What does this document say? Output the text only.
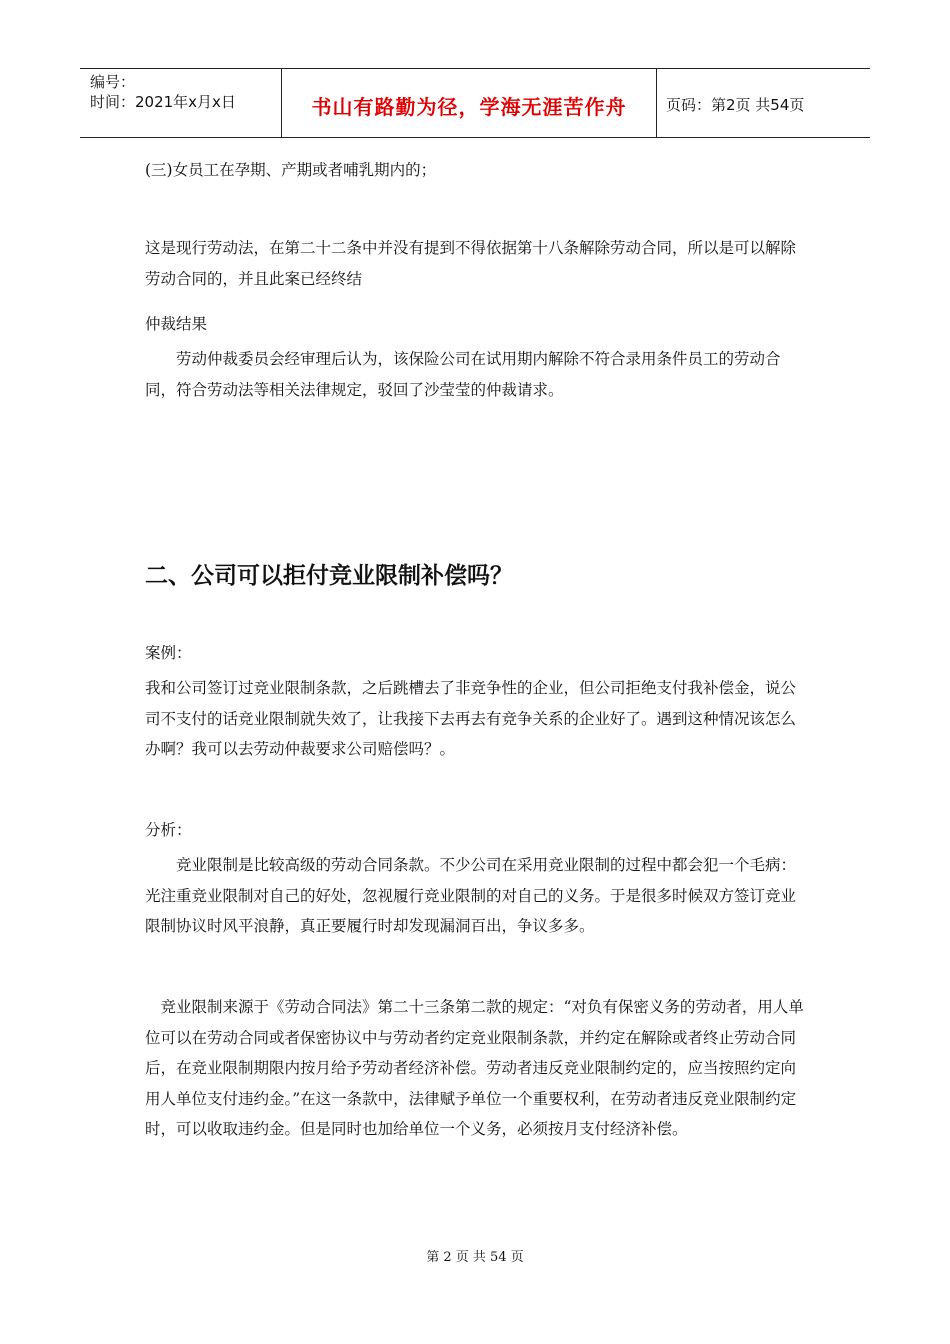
编号：
时间：2021年x月x日	书山有路勤为径，学海无涯苦作舟	页码：第2页 共54页

(三)女员工在孕期、产期或者哺乳期内的；

这是现行劳动法，在第二十二条中并没有提到不得依据第十八条解除劳动合同，所以是可以解除劳动合同的，并且此案已经终结

仲裁结果

劳动仲裁委员会经审理后认为，该保险公司在试用期内解除不符合录用条件员工的劳动合同，符合劳动法等相关法律规定，驳回了沙莹莹的仲裁请求。

二、公司可以拒付竞业限制补偿吗？

案例：

我和公司签订过竞业限制条款，之后跳槽去了非竞争性的企业，但公司拒绝支付我补偿金，说公司不支付的话竞业限制就失效了，让我接下去再去有竞争关系的企业好了。遇到这种情况该怎么办啊？我可以去劳动仲裁要求公司赔偿吗？。

分析：

竞业限制是比较高级的劳动合同条款。不少公司在采用竞业限制的过程中都会犯一个毛病：光注重竞业限制对自己的好处，忽视履行竞业限制的对自己的义务。于是很多时候双方签订竞业限制协议时风平浪静，真正要履行时却发现漏洞百出，争议多多。

竞业限制来源于《劳动合同法》第二十三条第二款的规定：“对负有保密义务的劳动者，用人单位可以在劳动合同或者保密协议中与劳动者约定竞业限制条款，并约定在解除或者终止劳动合同后，在竞业限制期限内按月给予劳动者经济补偿。劳动者违反竞业限制约定的，应当按照约定向用人单位支付违约金。”在这一条款中，法律赋予单位一个重要权利，在劳动者违反竞业限制约定时，可以收取违约金。但是同时也加给单位一个义务，必须按月支付经济补偿。

第 2 页 共 54 页
